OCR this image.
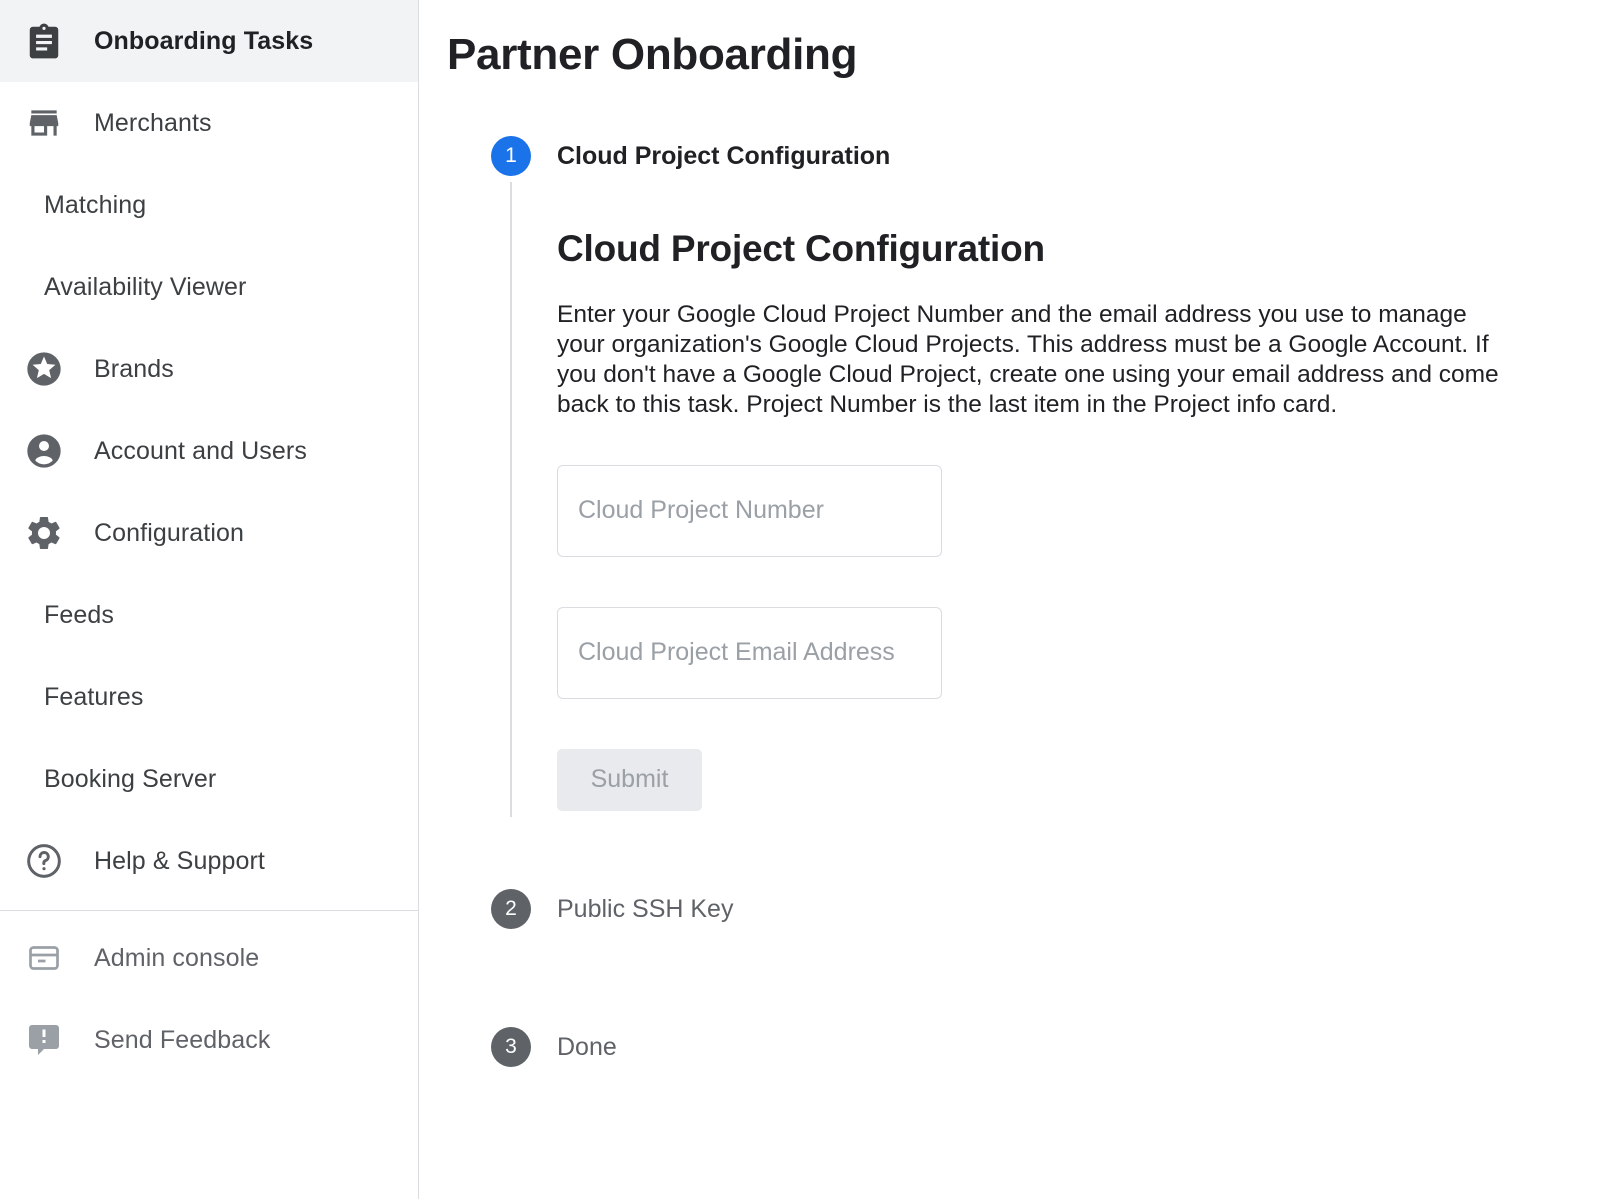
Onboarding Tasks
Merchants
Matching
Availability Viewer
Brands
Account and Users
Configuration
Feeds
Features
Booking Server
Help & Support
Admin console
Send Feedback
Partner Onboarding
1	Cloud Project Configuration
Cloud Project Configuration

Enter your Google Cloud Project Number and the email address you use to manage your organization's Google Cloud Projects. This address must be a Google Account. If you don't have a Google Cloud Project, create one using your email address and come back to this task. Project Number is the last item in the Project info card.

Cloud Project Number
Cloud Project Email Address Submit
2	Public SSH Key
3	Done
